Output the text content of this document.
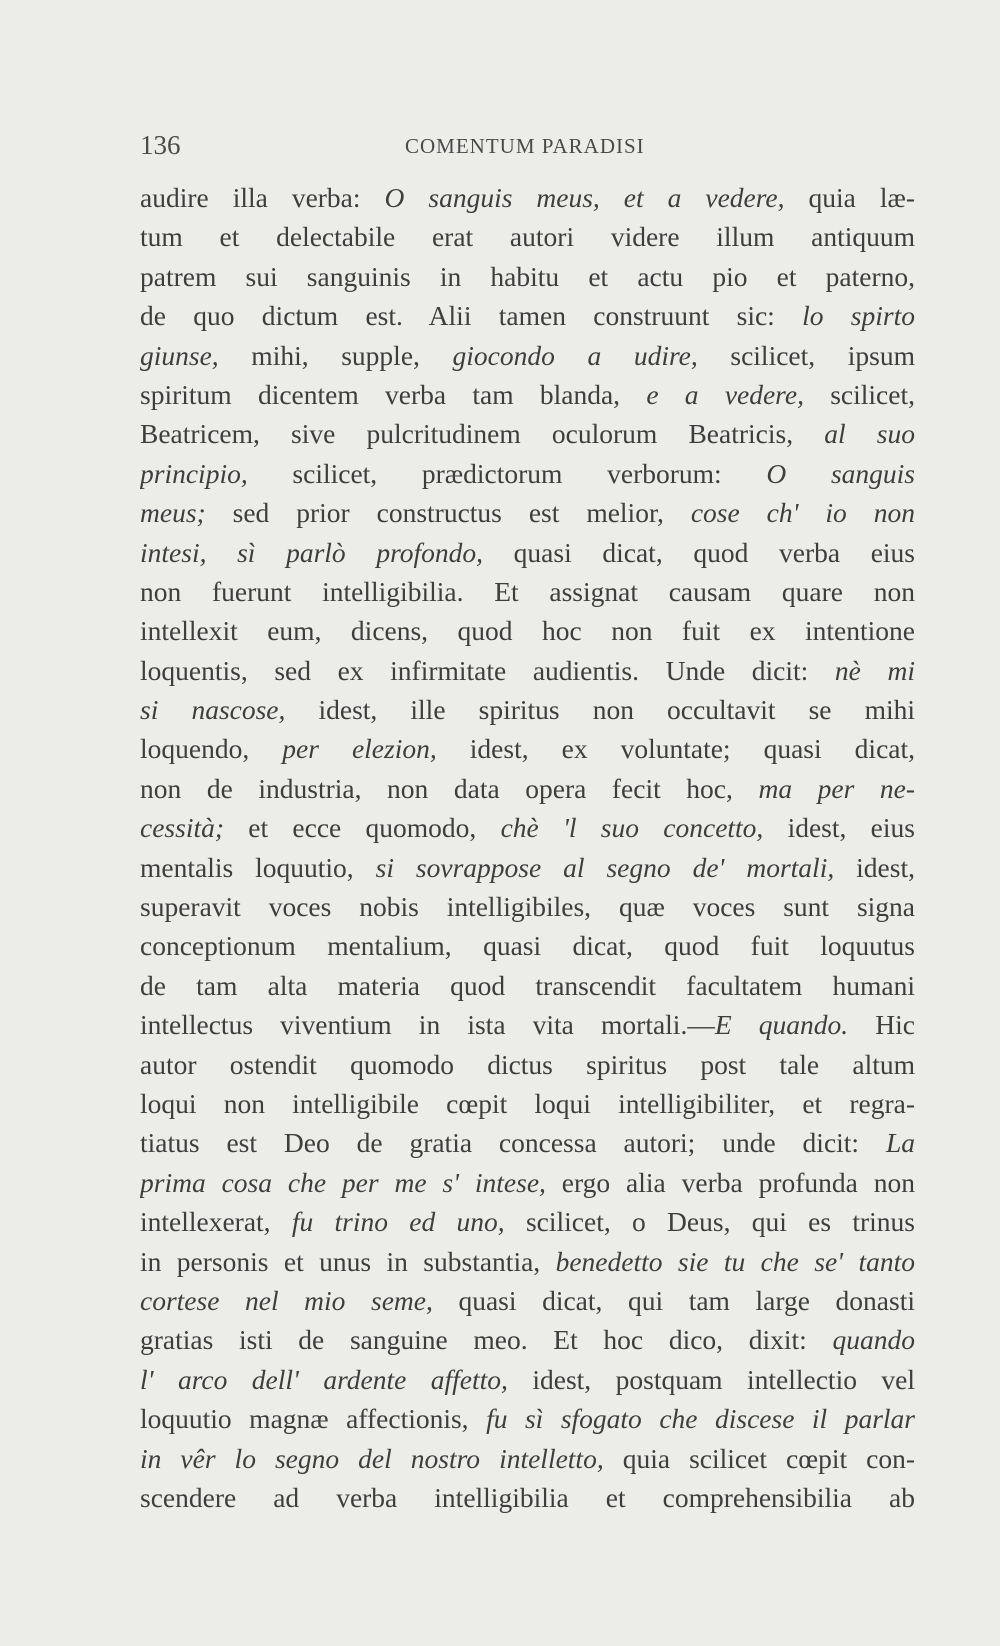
136	COMENTUM PARADISI
audire illa verba: O sanguis meus, et a vedere, quia læ-
tum et delectabile erat autori videre illum antiquum
patrem sui sanguinis in habitu et actu pio et paterno,
de quo dictum est. Alii tamen construunt sic: lo spirto
giunse, mihi, supple, giocondo a udire, scilicet, ipsum
spiritum dicentem verba tam blanda, e a vedere, scilicet,
Beatricem, sive pulcritudinem oculorum Beatricis, al suo
principio, scilicet, prædictorum verborum: O sanguis
meus; sed prior constructus est melior, cose ch' io non
intesi, sì parlò profondo, quasi dicat, quod verba eius
non fuerunt intelligibilia. Et assignat causam quare non
intellexit eum, dicens, quod hoc non fuit ex intentione
loquentis, sed ex infirmitate audientis. Unde dicit: nè mi
si nascose, idest, ille spiritus non occultavit se mihi
loquendo, per elezion, idest, ex voluntate; quasi dicat,
non de industria, non data opera fecit hoc, ma per ne-
cessità; et ecce quomodo, chè 'l suo concetto, idest, eius
mentalis loquutio, si sovrappose al segno de' mortali, idest,
superavit voces nobis intelligibiles, quæ voces sunt signa
conceptionum mentalium, quasi dicat, quod fuit loquutus
de tam alta materia quod transcendit facultatem humani
intellectus viventium in ista vita mortali.—E quando. Hic
autor ostendit quomodo dictus spiritus post tale altum
loqui non intelligibile cœpit loqui intelligibiliter, et regra-
tiatus est Deo de gratia concessa autori; unde dicit: La
prima cosa che per me s' intese, ergo alia verba profunda non
intellexerat, fu trino ed uno, scilicet, o Deus, qui es trinus
in personis et unus in substantia, benedetto sie tu che se' tanto
cortese nel mio seme, quasi dicat, qui tam large donasti
gratias isti de sanguine meo. Et hoc dico, dixit: quando
l' arco dell' ardente affetto, idest, postquam intellectio vel
loquutio magnæ affectionis, fu sì sfogato che discese il parlar
in vêr lo segno del nostro intelletto, quia scilicet cœpit con-
scendere ad verba intelligibilia et comprehensibilia ab
